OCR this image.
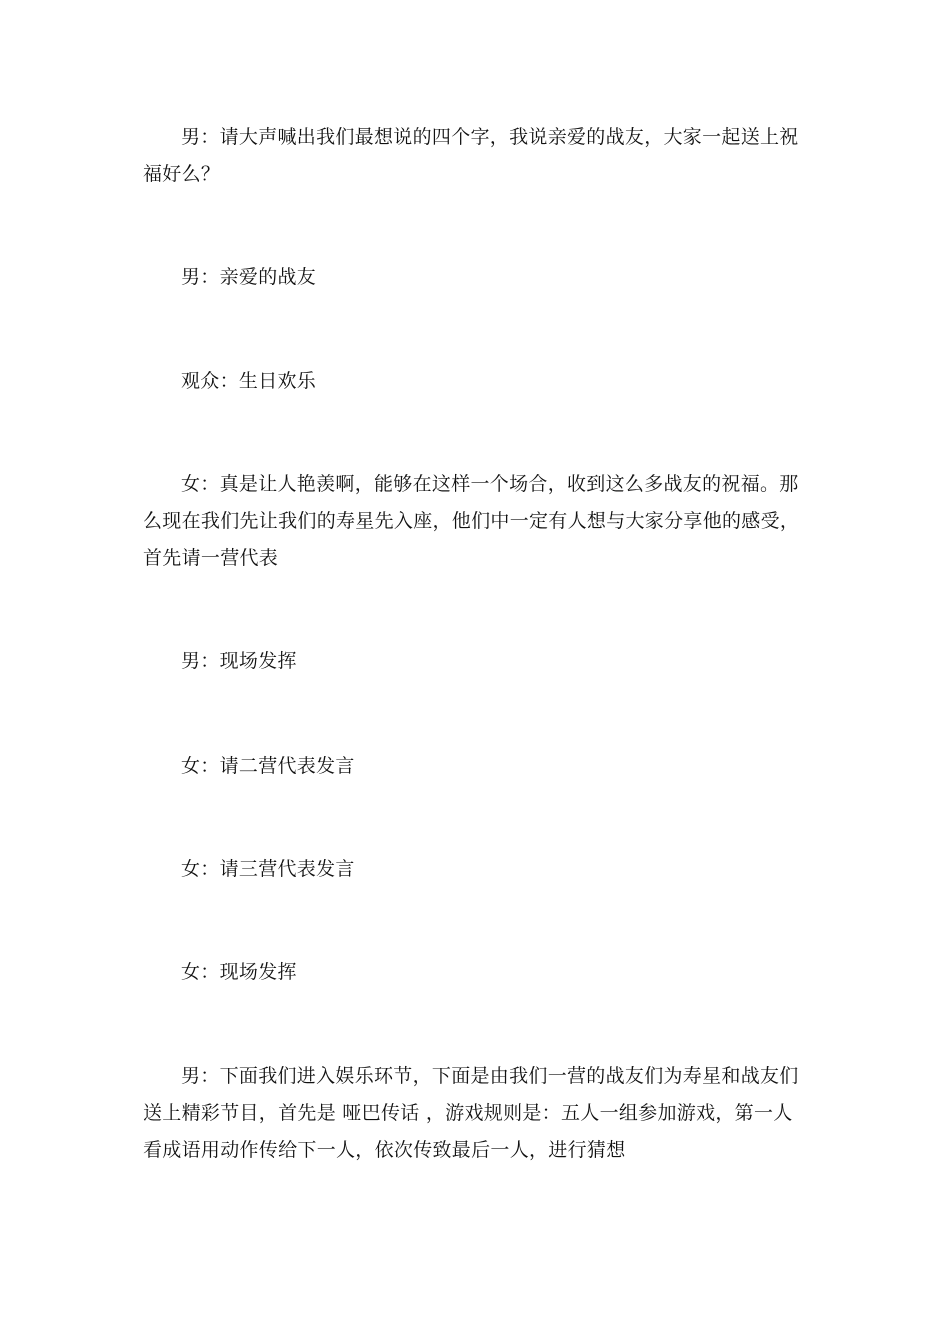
男：请大声喊出我们最想说的四个字，我说亲爱的战友，大家一起送上祝福好么？

男：亲爱的战友

观众：生日欢乐

女：真是让人艳羡啊，能够在这样一个场合，收到这么多战友的祝福。那么现在我们先让我们的寿星先入座，他们中一定有人想与大家分享他的感受，首先请一营代表

男：现场发挥

女：请二营代表发言

女：请三营代表发言

女：现场发挥

男：下面我们进入娱乐环节，下面是由我们一营的战友们为寿星和战友们送上精彩节目，首先是 哑巴传话 ，游戏规则是：五人一组参加游戏，第一人看成语用动作传给下一人，依次传致最后一人，进行猜想
